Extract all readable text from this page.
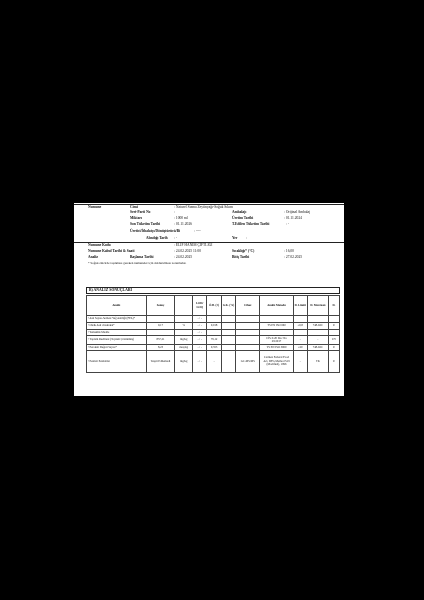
Numune	Cinsi	: Naturel Sızma Zeytinyağı-Soğuk Sıkım
Seri-Parti No	:	Ambalajı	: Orijinal Ambalaj
Miktarı	: 1000 ml	Üretim Tarihi	: 01.11.2024
Son Tüketim Tarihi	: 01.11.2026	T.Edilen Tüketim Tarihi	: -
Üretici/İthalatçı/Dönüştürücü/Bi	: ----
Alındığı Tarih : -	Yer :
Numune Kodu	: ELİF HANIM ÇİFTLİĞİ
Numune Kabul Tarihi & Saati	: 24.02.2025 11:00	Sıcaklığı* (°C)	: 16,00
Analiz	Başlama Tarihi	: 24.02.2025	Bitiş Tarihi	: 27.02.2025
* Soğuk zincirde taşınması gereken numuneler için doldurulması zorunludur.
B) ANALİZ SONUÇLARI
Analiz	Sonuç		LOD/ LOQ	Ö.B. (±)	G.K. (%)	Cihaz	Analiz Metodu	D. Limiti	D. Mevzuatı	D.
• Asit Sayısı-Serbest Yağ Asitliği (FFA)*			- / -							
• Oleik Asit cinsinden*	0,17	%	- / -	0,018			TS EN ISO 660	≤0,8	748-IOC	U
• Yemeklik Madde			- / -							
• Toplam Rezilient (Toplam Çözünmüş)	857,21	mg/kg	- / -	79,12			CİS-T-20 Doc No 29:2017	-	-	UY
• Peroksit Değeri Sayısı*	8,23	meq/kg	- / -	0,353			TS EN ISO 3960	≤20	748-IOC	U
• Pestisit Pestisitler	Tespit Edilemedi	mg/kg	- / -	-		GC-MS/MS	Carmen Federal Food Act, DFG Method S19 (Modified), 1996	-	TK	U
